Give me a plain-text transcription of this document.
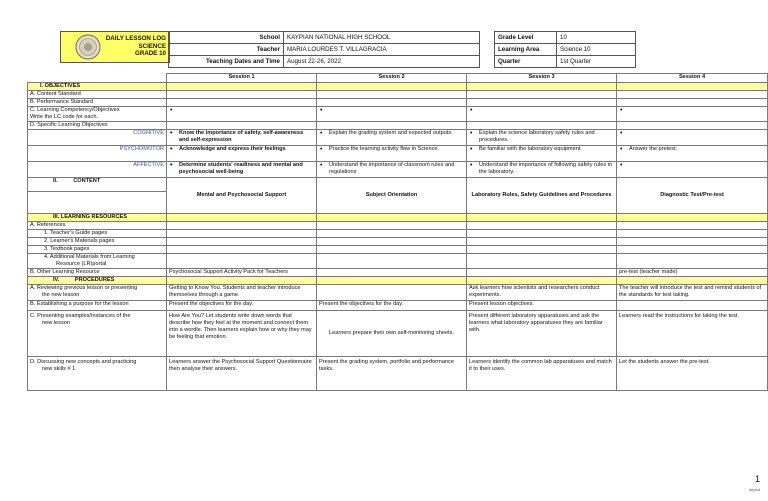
DAILY LESSON LOG
SCIENCE
GRADE 10
School	KAYPIAN NATIONAL HIGH SCHOOL
Teacher	MARIA LOURDES T. VILLAGRACIA
Teaching Dates and Time	August 22-26, 2022
Grade Level	10
Learning Area	Science 10
Quarter	1st Quarter
	Session 1	Session 2	Session 3	Session 4
I. OBJECTIVES				
A. Content Standard				
B. Performance Standard				

C. Learning Competency/Objectives
Write the LC code for each.
	•	•	•	•
D. Specific Learning Objectives				
COGNITIVE	• Know the importance of safety, self-awareness and self-expression	• Explain the grading system and expected outputs.	• Explain the science laboratory safety rules and procedures.	•
PSYCHOMOTOR	• Acknowledge and express their feelings	• Practice the learning activity flow in Science.	• Be familiar with the laboratory equipment.	• Answer the pretest.
AFFECTIVE	• Determine students' readiness and mental and psychosocial well-being	• Understand the importance of classroom rules and regulations	• Understand the importance of following safety rules in the laboratory.	•
II.          CONTENT				
	Mental and Psychosocial Support	Subject Orientation	Laboratory Rules, Safety Guidelines and Procedures	Diagnostic Test/Pre-test
III. LEARNING RESOURCES				
A. References				
1. Teacher's Guide pages				
2. Learner's Materials pages				
3. Textbook pages				

4. Additional Materials from Learning
Resource (LR)portal				

B. Other Learning Resource	Psychosocial Support Activity Pack for Teachers			pre-test (teacher made)
IV.          PROCEDURES				

A. Reviewing previous lesson or presenting
the new lesson	Getting to Know You. Students and teacher introduce themselves through a game.		Ask learners how scientists and researchers conduct experiments.	The teacher will introduce the test and remind students of the standards for test taking.
B. Establishing a purpose for the lesson	Present the objectives for the day.	Present the objectives for the day.	Present lesson objectives.	

C. Presenting examples/Instances of the
new lesson	How Are You? Let students write down words that describe how they feel at the moment and connect them into a wordle. Then learners explain how or why they may be feeling that emotion.	Learners prepare their own self-monitoring sheets.	Present different laboratory apparatuses and ask the learners what laboratory apparatuses they are familiar with.	Learners read the instructions for taking the test.

D. Discussing new concepts and practicing
new skills # 1	Learners answer the Psychosocial Support Questionnaire then analyse their answers.	Present the grading system, portfolio and performance tasks.	Learners identify the common lab apparatuses and match it to their uses.	Let the students answer the pre-test.
1
deped
